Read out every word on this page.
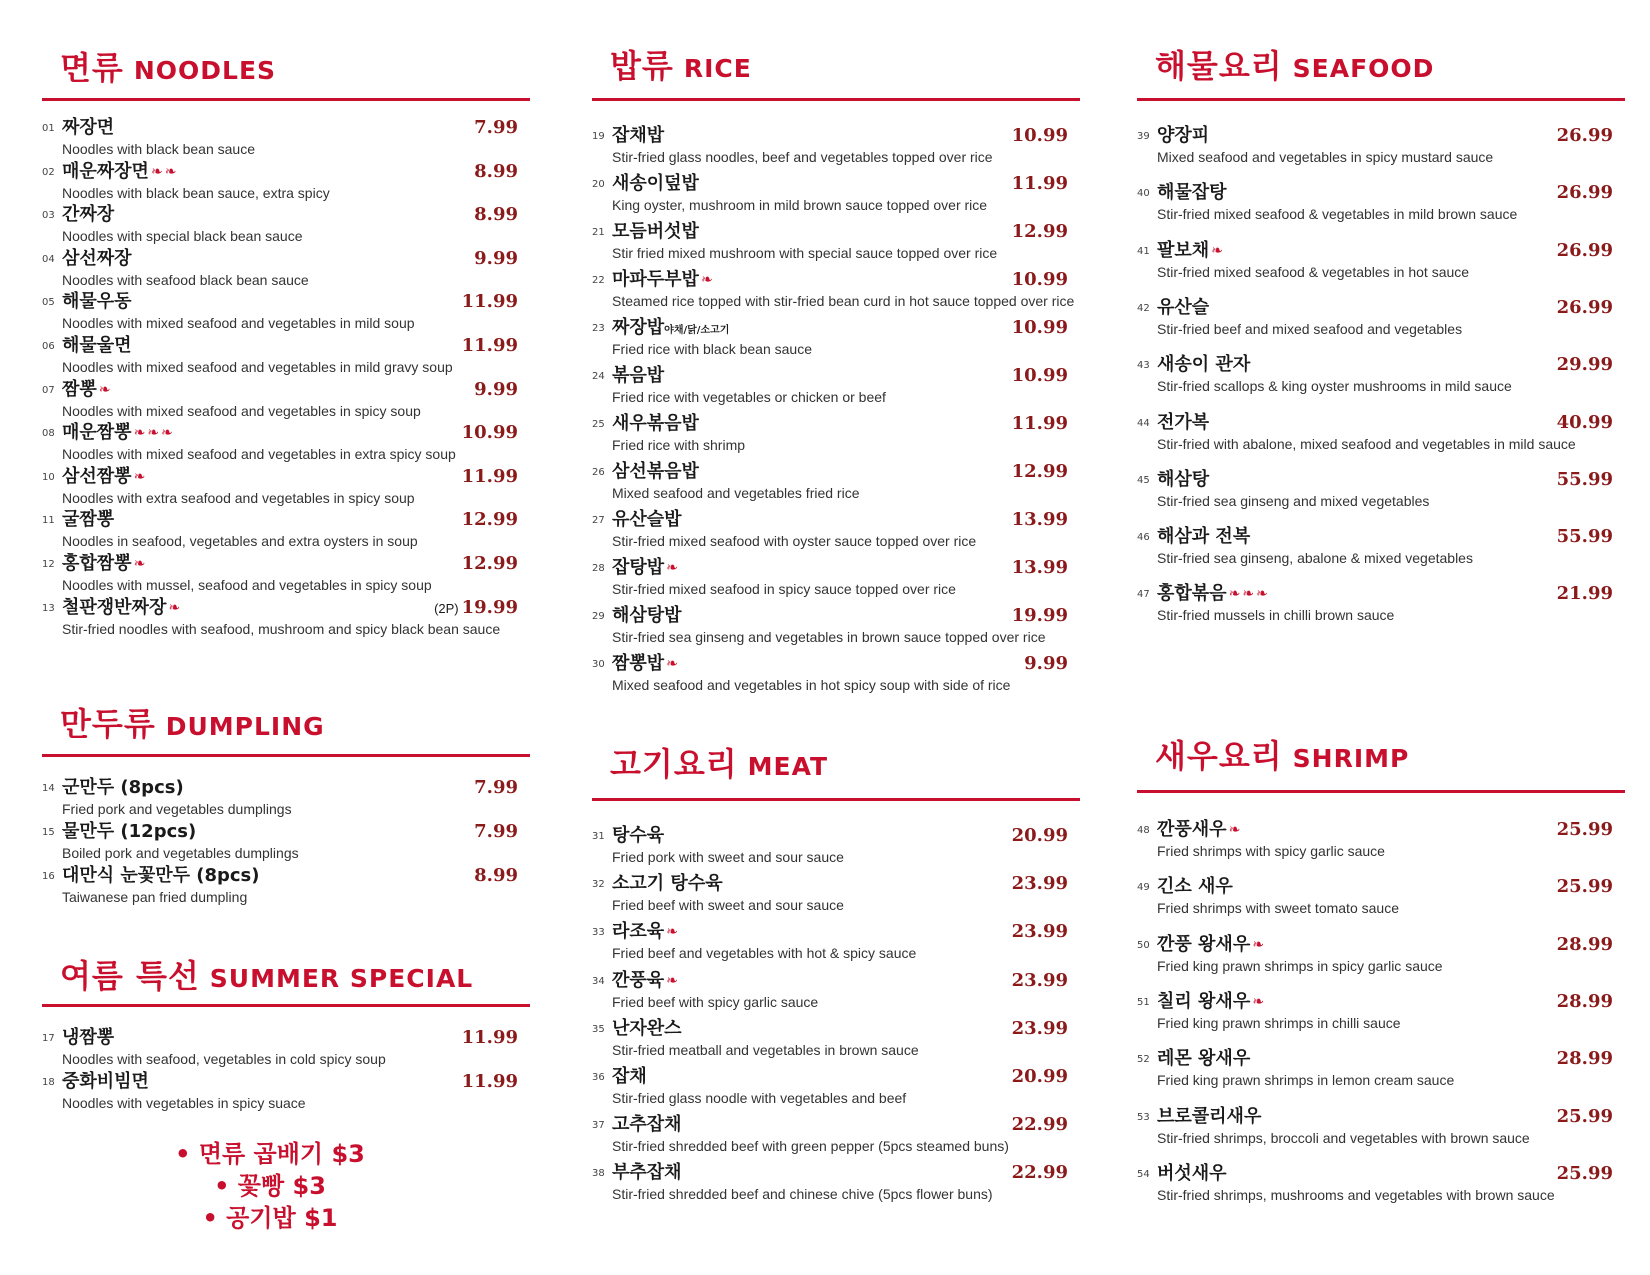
면류 NOODLES
01 짜장면	7.99
Noodles with black bean sauce
02 매운짜장면 ❧ ❧	8.99
Noodles with black bean sauce, extra spicy
03 간짜장	8.99
Noodles with special black bean sauce
04 삼선짜장	9.99
Noodles with seafood black bean sauce
05 해물우동	11.99
Noodles with mixed seafood and vegetables in mild soup
06 해물울면	11.99
Noodles with mixed seafood and vegetables in mild gravy soup
07 짬뽕 ❧	9.99
Noodles with mixed seafood and vegetables in spicy soup
08 매운짬뽕 ❧ ❧ ❧	10.99
Noodles with mixed seafood and vegetables in extra spicy soup
10 삼선짬뽕 ❧	11.99
Noodles with extra seafood and vegetables in spicy soup
11 굴짬뽕	12.99
Noodles in seafood, vegetables and extra oysters in soup
12 홍합짬뽕 ❧	12.99
Noodles with mussel, seafood and vegetables in spicy soup
13 철판쟁반짜장 ❧	(2P) 19.99
Stir-fried noodles with seafood, mushroom and spicy black bean sauce
만두류 DUMPLING
14 군만두 (8pcs)	7.99
Fried pork and vegetables dumplings
15 물만두 (12pcs)	7.99
Boiled pork and vegetables dumplings
16 대만식 눈꽃만두 (8pcs)	8.99
Taiwanese pan fried dumpling
여름 특선 SUMMER SPECIAL
17 냉짬뽕	11.99
Noodles with seafood, vegetables in cold spicy soup
18 중화비빔면	11.99
Noodles with vegetables in spicy suace
• 면류 곱배기 $3
• 꽃빵 $3
• 공기밥 $1
밥류 RICE
19 잡채밥	10.99
Stir-fried glass noodles, beef and vegetables topped over rice
20 새송이덮밥	11.99
King oyster, mushroom in mild brown sauce topped over rice
21 모듬버섯밥	12.99
Stir fried mixed mushroom with special sauce topped over rice
22 마파두부밥 ❧	10.99
Steamed rice topped with stir-fried bean curd in hot sauce topped over rice
23 짜장밥야채/닭/소고기	10.99
Fried rice with black bean sauce
24 볶음밥	10.99
Fried rice with vegetables or chicken or beef
25 새우볶음밥	11.99
Fried rice with shrimp
26 삼선볶음밥	12.99
Mixed seafood and vegetables fried rice
27 유산슬밥	13.99
Stir-fried mixed seafood with oyster sauce topped over rice
28 잡탕밥 ❧	13.99
Stir-fried mixed seafood in spicy sauce topped over rice
29 해삼탕밥	19.99
Stir-fried sea ginseng and vegetables in brown sauce topped over rice
30 짬뽕밥 ❧	9.99
Mixed seafood and vegetables in hot spicy soup with side of rice
고기요리 MEAT
31 탕수육	20.99
Fried pork with sweet and sour sauce
32 소고기 탕수육	23.99
Fried beef with sweet and sour sauce
33 라조육 ❧	23.99
Fried beef and vegetables with hot & spicy sauce
34 깐풍육 ❧	23.99
Fried beef with spicy garlic sauce
35 난자완스	23.99
Stir-fried meatball and vegetables in brown sauce
36 잡채	20.99
Stir-fried glass noodle with vegetables and beef
37 고추잡채	22.99
Stir-fried shredded beef with green pepper (5pcs steamed buns)
38 부추잡채	22.99
Stir-fried shredded beef and chinese chive (5pcs flower buns)
해물요리 SEAFOOD
39 양장피	26.99
Mixed seafood and vegetables in spicy mustard sauce
40 해물잡탕	26.99
Stir-fried mixed seafood & vegetables in mild brown sauce
41 팔보채 ❧	26.99
Stir-fried mixed seafood & vegetables in hot sauce
42 유산슬	26.99
Stir-fried beef and mixed seafood and vegetables
43 새송이 관자	29.99
Stir-fried scallops & king oyster mushrooms in mild sauce
44 전가복	40.99
Stir-fried with abalone, mixed seafood and vegetables in mild sauce
45 해삼탕	55.99
Stir-fried sea ginseng and mixed vegetables
46 해삼과 전복	55.99
Stir-fried sea ginseng, abalone & mixed vegetables
47 홍합볶음 ❧ ❧ ❧	21.99
Stir-fried mussels in chilli brown sauce
새우요리 SHRIMP
48 깐풍새우 ❧	25.99
Fried shrimps with spicy garlic sauce
49 긴소 새우	25.99
Fried shrimps with sweet tomato sauce
50 깐풍 왕새우 ❧	28.99
Fried king prawn shrimps in spicy garlic sauce
51 칠리 왕새우 ❧	28.99
Fried king prawn shrimps in chilli sauce
52 레몬 왕새우	28.99
Fried king prawn shrimps in lemon cream sauce
53 브로콜리새우	25.99
Stir-fried shrimps, broccoli and vegetables with brown sauce
54 버섯새우	25.99
Stir-fried shrimps, mushrooms and vegetables with brown sauce
